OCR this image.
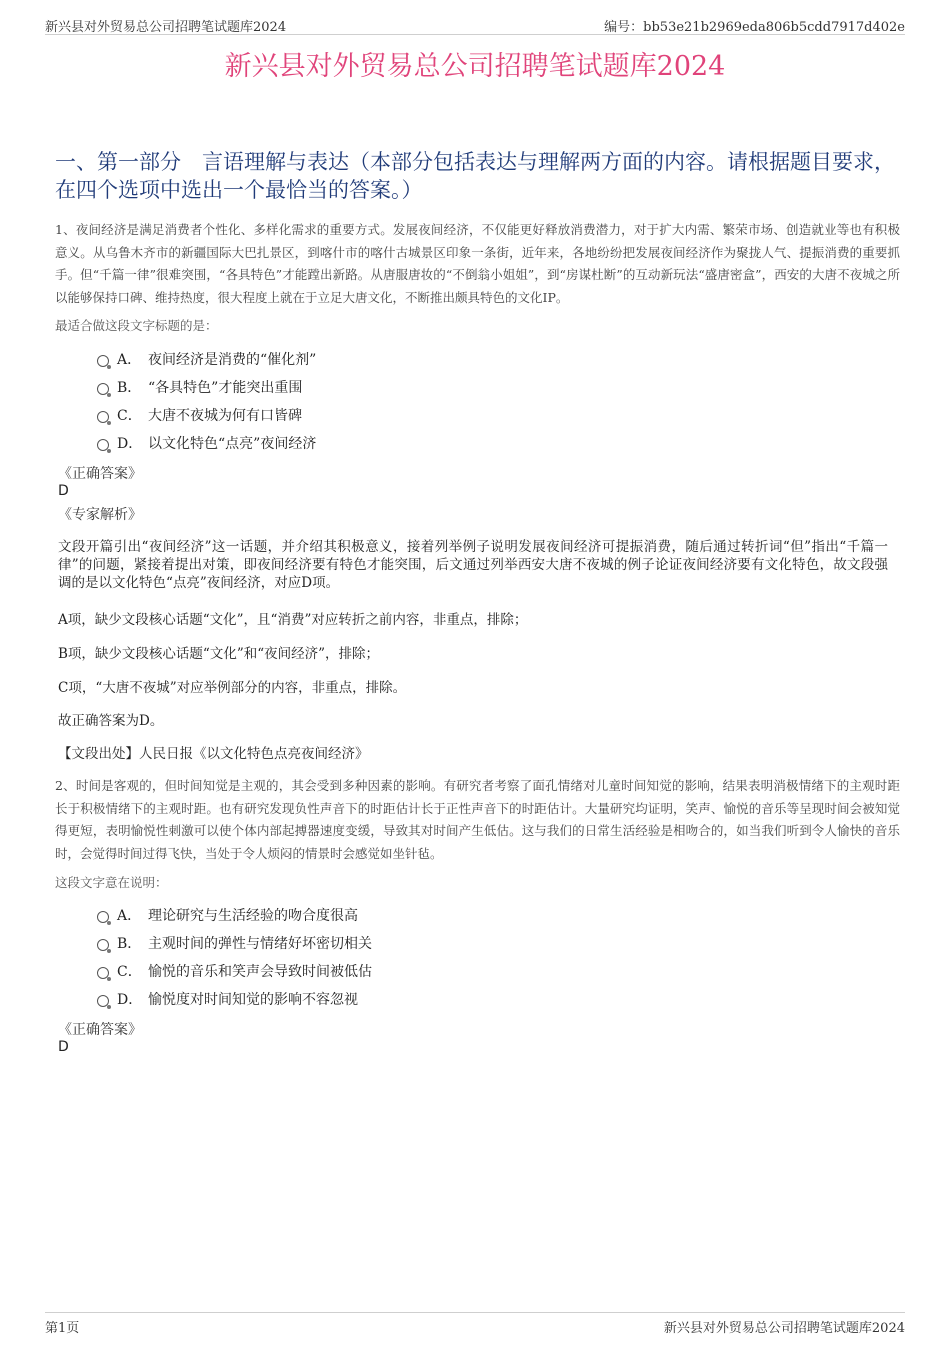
新兴县对外贸易总公司招聘笔试题库2024	编号：bb53e21b2969eda806b5cdd7917d402e
新兴县对外贸易总公司招聘笔试题库2024
一、第一部分　言语理解与表达（本部分包括表达与理解两方面的内容。请根据题目要求，在四个选项中选出一个最恰当的答案。）
1、夜间经济是满足消费者个性化、多样化需求的重要方式。发展夜间经济，不仅能更好释放消费潜力，对于扩大内需、繁荣市场、创造就业等也有积极意义。从乌鲁木齐市的新疆国际大巴扎景区，到喀什市的喀什古城景区印象一条街，近年来，各地纷纷把发展夜间经济作为聚拢人气、提振消费的重要抓手。但“千篇一律”很难突围，“各具特色”才能蹚出新路。从唐服唐妆的“不倒翁小姐姐”，到“房谋杜断”的互动新玩法“盛唐密盒”，西安的大唐不夜城之所以能够保持口碑、维持热度，很大程度上就在于立足大唐文化，不断推出颇具特色的文化IP。
最适合做这段文字标题的是：
A． 夜间经济是消费的“催化剂”
B． “各具特色”才能突出重围
C． 大唐不夜城为何有口皆碑
D． 以文化特色“点亮”夜间经济
《正确答案》
D
《专家解析》
文段开篇引出“夜间经济”这一话题，并介绍其积极意义，接着列举例子说明发展夜间经济可提振消费，随后通过转折词“但”指出“千篇一律”的问题，紧接着提出对策，即夜间经济要有特色才能突围，后文通过列举西安大唐不夜城的例子论证夜间经济要有文化特色，故文段强调的是以文化特色“点亮”夜间经济，对应D项。
A项，缺少文段核心话题“文化”，且“消费”对应转折之前内容，非重点，排除；
B项，缺少文段核心话题“文化”和“夜间经济”，排除；
C项，“大唐不夜城”对应举例部分的内容，非重点，排除。
故正确答案为D。
【文段出处】人民日报《以文化特色点亮夜间经济》
2、时间是客观的，但时间知觉是主观的，其会受到多种因素的影响。有研究者考察了面孔情绪对儿童时间知觉的影响，结果表明消极情绪下的主观时距长于积极情绪下的主观时距。也有研究发现负性声音下的时距估计长于正性声音下的时距估计。大量研究均证明，笑声、愉悦的音乐等呈现时间会被知觉得更短，表明愉悦性刺激可以使个体内部起搏器速度变缓，导致其对时间产生低估。这与我们的日常生活经验是相吻合的，如当我们听到令人愉快的音乐时，会觉得时间过得飞快，当处于令人烦闷的情景时会感觉如坐针毡。
这段文字意在说明：
A． 理论研究与生活经验的吻合度很高
B． 主观时间的弹性与情绪好坏密切相关
C． 愉悦的音乐和笑声会导致时间被低估
D． 愉悦度对时间知觉的影响不容忽视
《正确答案》
D
第1页	新兴县对外贸易总公司招聘笔试题库2024
